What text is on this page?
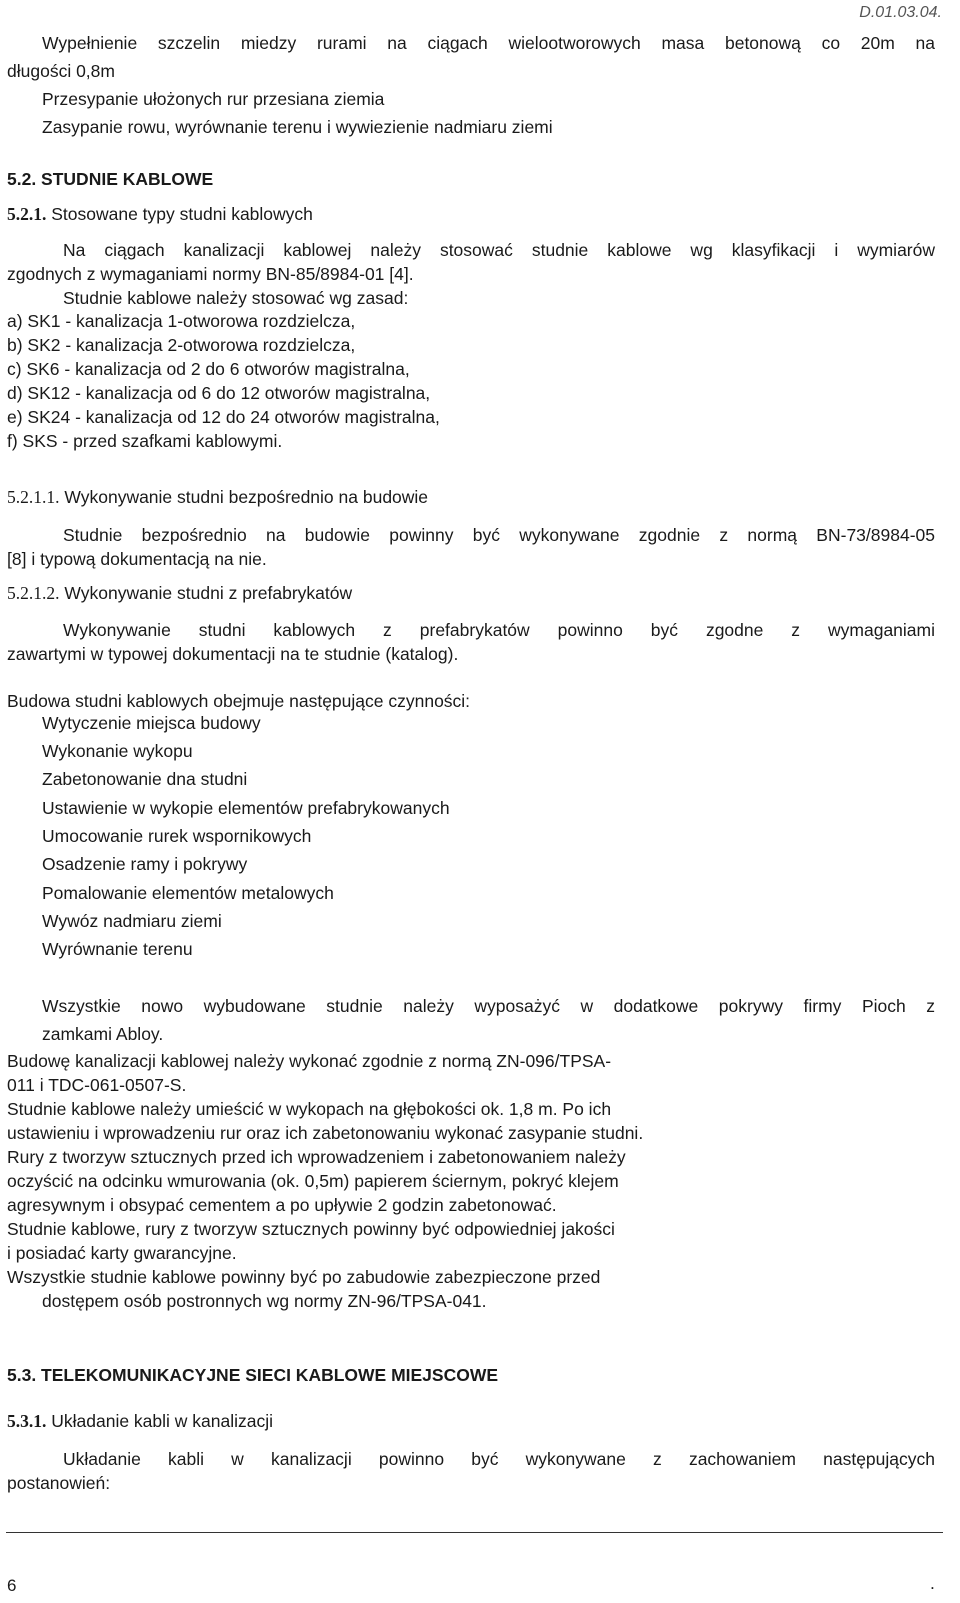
D.01.03.04.
Wypełnienie szczelin miedzy rurami na ciągach wielootworowych masa betonową co 20m na
długości 0,8m
Przesypanie ułożonych rur przesiana ziemia
Zasypanie rowu, wyrównanie terenu i wywiezienie nadmiaru ziemi
5.2. STUDNIE KABLOWE
5.2.1. Stosowane typy studni kablowych
Na ciągach kanalizacji kablowej należy stosować studnie kablowe wg klasyfikacji i wymiarów
zgodnych z wymaganiami normy BN-85/8984-01 [4].
Studnie kablowe należy stosować wg zasad:
a) SK1 - kanalizacja 1-otworowa rozdzielcza,
b) SK2 - kanalizacja 2-otworowa rozdzielcza,
c) SK6 - kanalizacja od 2 do 6 otworów magistralna,
d) SK12 - kanalizacja od 6 do 12 otworów magistralna,
e) SK24 - kanalizacja od 12 do 24 otworów magistralna,
f) SKS - przed szafkami kablowymi.
5.2.1.1. Wykonywanie studni bezpośrednio na budowie
Studnie bezpośrednio na budowie powinny być wykonywane zgodnie z normą BN-73/8984-05
[8] i typową dokumentacją na nie.
5.2.1.2. Wykonywanie studni z prefabrykatów
Wykonywanie studni kablowych z prefabrykatów powinno być zgodne z wymaganiami
zawartymi w typowej dokumentacji na te studnie (katalog).
Budowa studni kablowych obejmuje następujące czynności:
Wytyczenie miejsca budowy
Wykonanie wykopu
Zabetonowanie dna studni
Ustawienie w wykopie elementów prefabrykowanych
Umocowanie rurek wspornikowych
Osadzenie ramy i pokrywy
Pomalowanie elementów metalowych
Wywóz nadmiaru ziemi
Wyrównanie terenu
Wszystkie nowo wybudowane studnie należy wyposażyć w dodatkowe pokrywy firmy Pioch z
zamkami Abloy.
Budowę kanalizacji kablowej należy wykonać zgodnie z normą ZN-096/TPSA-
011 i TDC-061-0507-S.
Studnie kablowe należy umieścić w wykopach na głębokości ok. 1,8 m. Po ich
ustawieniu i wprowadzeniu rur oraz ich zabetonowaniu wykonać zasypanie studni.
Rury z tworzyw sztucznych przed ich wprowadzeniem i zabetonowaniem należy
oczyścić na odcinku wmurowania (ok. 0,5m) papierem ściernym, pokryć klejem
agresywnym i obsypać cementem a po upływie 2 godzin zabetonować.
Studnie kablowe, rury z tworzyw sztucznych powinny być odpowiedniej jakości
i posiadać karty gwarancyjne.
Wszystkie studnie kablowe powinny być po zabudowie zabezpieczone przed
dostępem osób postronnych wg normy ZN-96/TPSA-041.
5.3. TELEKOMUNIKACYJNE SIECI KABLOWE MIEJSCOWE
5.3.1. Układanie kabli w kanalizacji
Układanie kabli w kanalizacji powinno być wykonywane z zachowaniem następujących
postanowień:
6	.
